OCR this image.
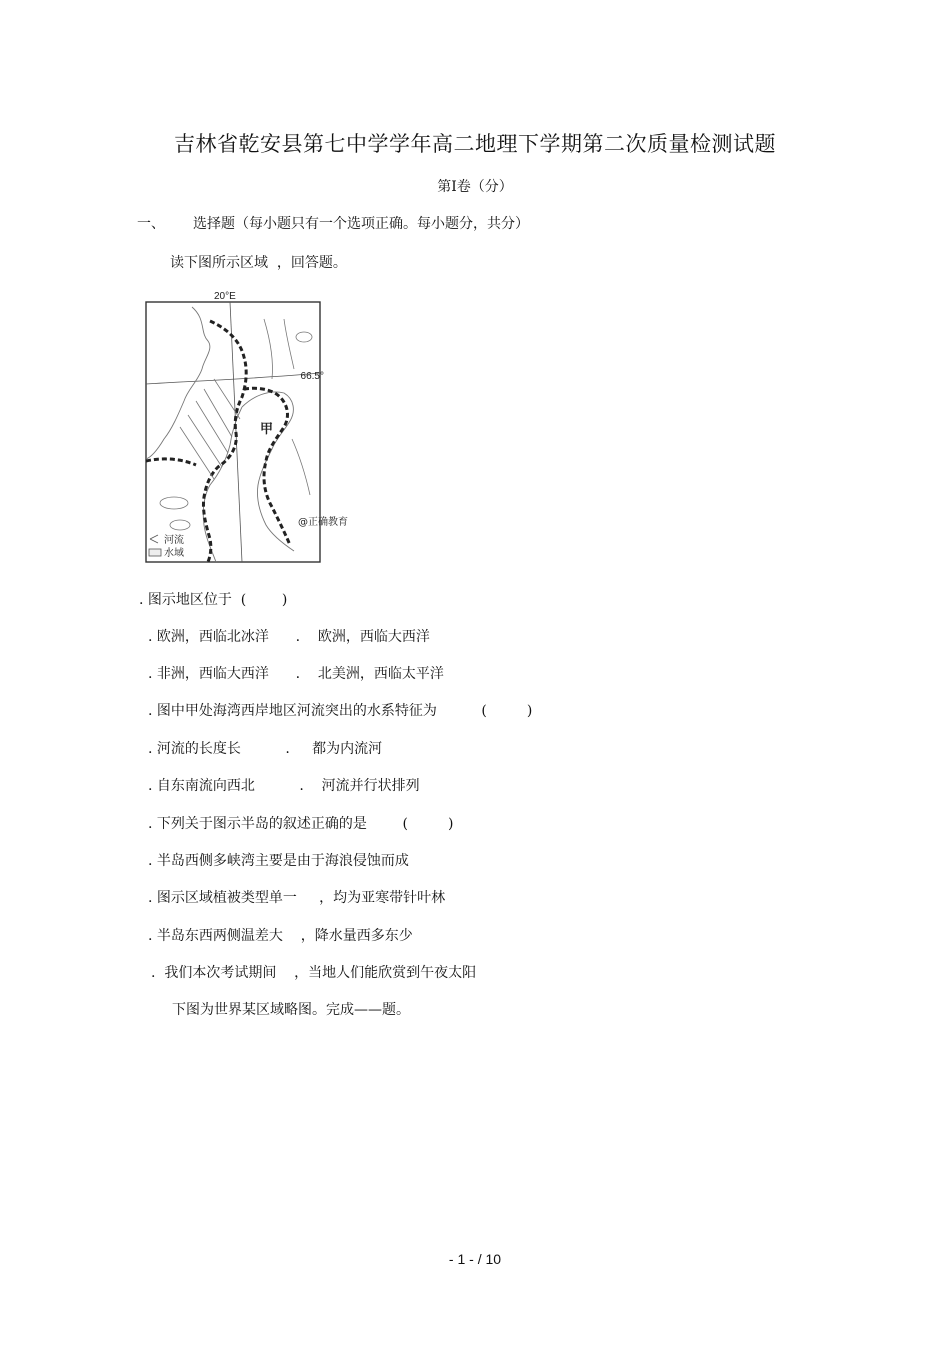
吉林省乾安县第七中学学年高二地理下学期第二次质量检测试题
第Ⅰ卷（分）
一、 选择题（每小题只有一个选项正确。每小题分，共分）
读下图所示区域  ，回答题。
20°E
66.5°
甲
@正确教育
河流
水域
. 图示地区位于  (        )
. 欧洲，西临北冰洋      .    欧洲，西临大西洋
. 非洲，西临大西洋      .    北美洲，西临太平洋
. 图中甲处海湾西岸地区河流突出的水系特征为          (         )
. 河流的长度长          .     都为内流河
. 自东南流向西北          .    河流并行状排列
. 下列关于图示半岛的叙述正确的是        (         )
. 半岛西侧多峡湾主要是由于海浪侵蚀而成
. 图示区域植被类型单一     ，均为亚寒带针叶林
. 半岛东西两侧温差大    ，降水量西多东少
.  我们本次考试期间    ，当地人们能欣赏到午夜太阳
下图为世界某区域略图。完成——题。
- 1 - / 10
